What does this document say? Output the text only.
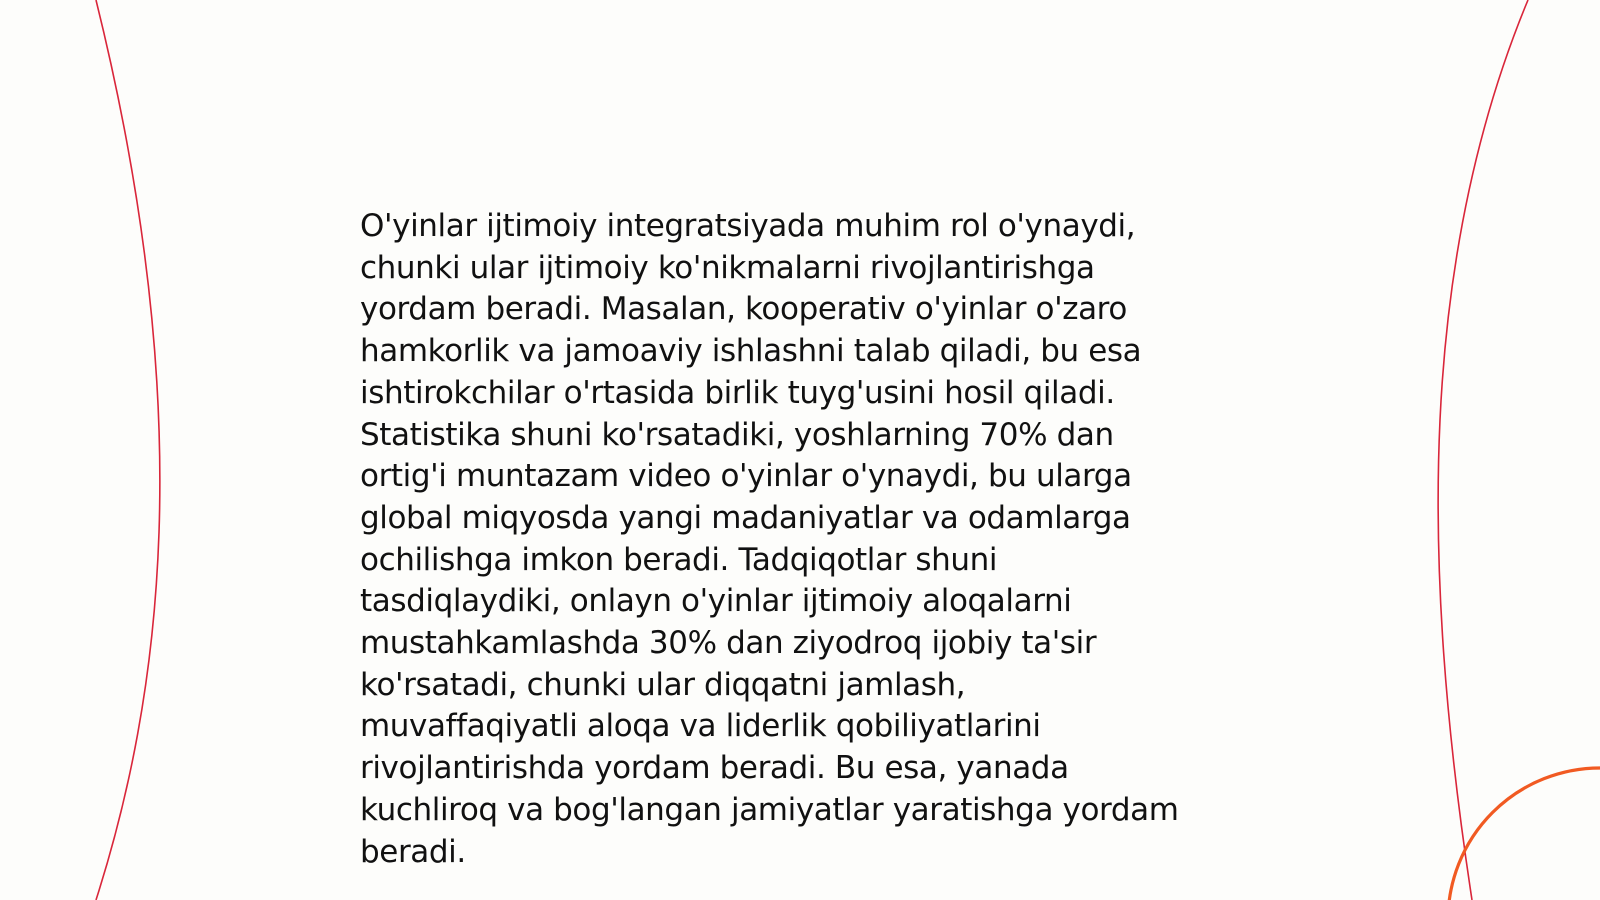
O'yinlar ijtimoiy integratsiyada muhim rol o'ynaydi,
chunki ular ijtimoiy ko'nikmalarni rivojlantirishga
yordam beradi. Masalan, kooperativ o'yinlar o'zaro
hamkorlik va jamoaviy ishlashni talab qiladi, bu esa
ishtirokchilar o'rtasida birlik tuyg'usini hosil qiladi.
Statistika shuni ko'rsatadiki, yoshlarning 70% dan
ortig'i muntazam video o'yinlar o'ynaydi, bu ularga
global miqyosda yangi madaniyatlar va odamlarga
ochilishga imkon beradi. Tadqiqotlar shuni
tasdiqlaydiki, onlayn o'yinlar ijtimoiy aloqalarni
mustahkamlashda 30% dan ziyodroq ijobiy ta'sir
ko'rsatadi, chunki ular diqqatni jamlash,
muvaffaqiyatli aloqa va liderlik qobiliyatlarini
rivojlantirishda yordam beradi. Bu esa, yanada
kuchliroq va bog'langan jamiyatlar yaratishga yordam
beradi.
